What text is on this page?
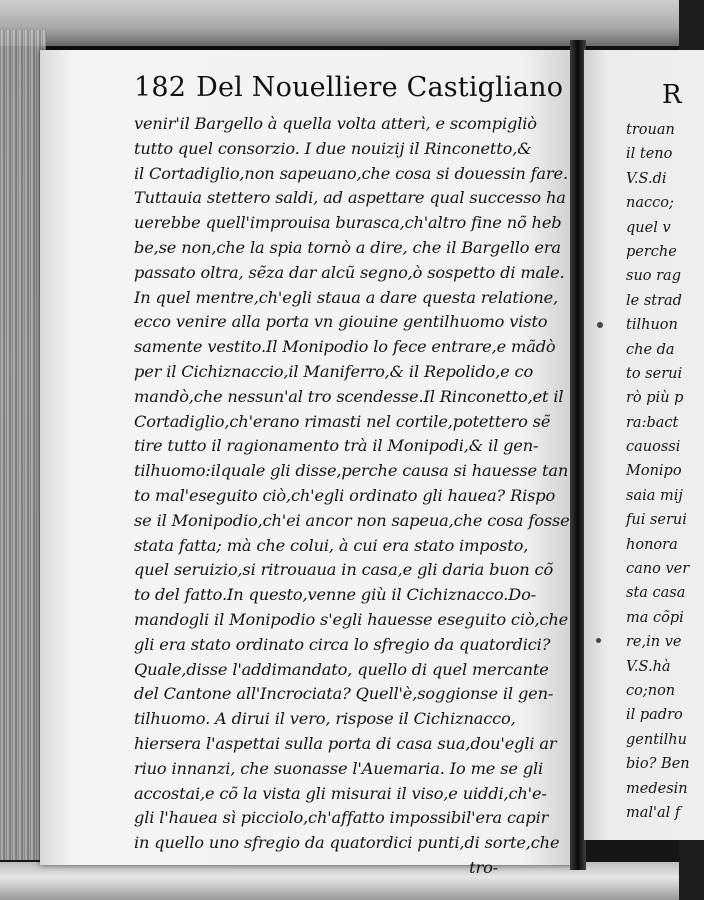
182 Del Nouelliere Castigliano
venir'il Bargello à quella volta atterì, e scompigliò
tutto quel consorzio. I due nouizij il Rinconetto,&
il Cortadiglio,non sapeuano,che cosa si douessin fare.
Tuttauia stettero saldi, ad aspettare qual successo ha
uerebbe quell'improuisa burasca,ch'altro fine nõ heb
be,se non,che la spia tornò a dire, che il Bargello era
passato oltra, sẽza dar alcũ segno,ò sospetto di male.
In quel mentre,ch'egli staua a dare questa relatione,
ecco venire alla porta vn giouine gentilhuomo visto
samente vestito.Il Monipodio lo fece entrare,e mãdò
per il Cichiznaccio,il Maniferro,& il Repolido,e co
mandò,che nessun'al tro scendesse.Il Rinconetto,et il
Cortadiglio,ch'erano rimasti nel cortile,potettero sẽ
tire tutto il ragionamento trà il Monipodi,& il gen-
tilhuomo:ilquale gli disse,perche causa si hauesse tan
to mal'eseguito ciò,ch'egli ordinato gli hauea? Rispo
se il Monipodio,ch'ei ancor non sapeua,che cosa fosse
stata fatta; mà che colui, à cui era stato imposto,
quel seruizio,si ritrouaua in casa,e gli daria buon cõ
to del fatto.In questo,venne giù il Cichiznacco.Do-
mandogli il Monipodio s'egli hauesse eseguito ciò,che
gli era stato ordinato circa lo sfregio da quatordici?
Quale,disse l'addimandato, quello di quel mercante
del Cantone all'Incrociata? Quell'è,soggionse il gen-
tilhuomo. A dirui il vero, rispose il Cichiznacco,
hiersera l'aspettai sulla porta di casa sua,dou'egli ar
riuo innanzi, che suonasse l'Auemaria. Io me se gli
accostai,e cõ la vista gli misurai il viso,e uiddi,ch'e-
gli l'hauea sì picciolo,ch'affatto impossibil'era capir
in quello uno sfregio da quatordici punti,di sorte,che
tro-
R
trouan
il teno
V.S.di
nacco;
quel v
perche
suo rag
le strad
tilhuon
che da
to serui
rò più p
ra:bact
cauossi
Monipo
saia mij
fui serui
honora
cano ver
sta casa
ma cõpi
re,in ve
V.S.hà
co;non
il padro
gentilhu
bio? Ben
medesin
mal'al f
